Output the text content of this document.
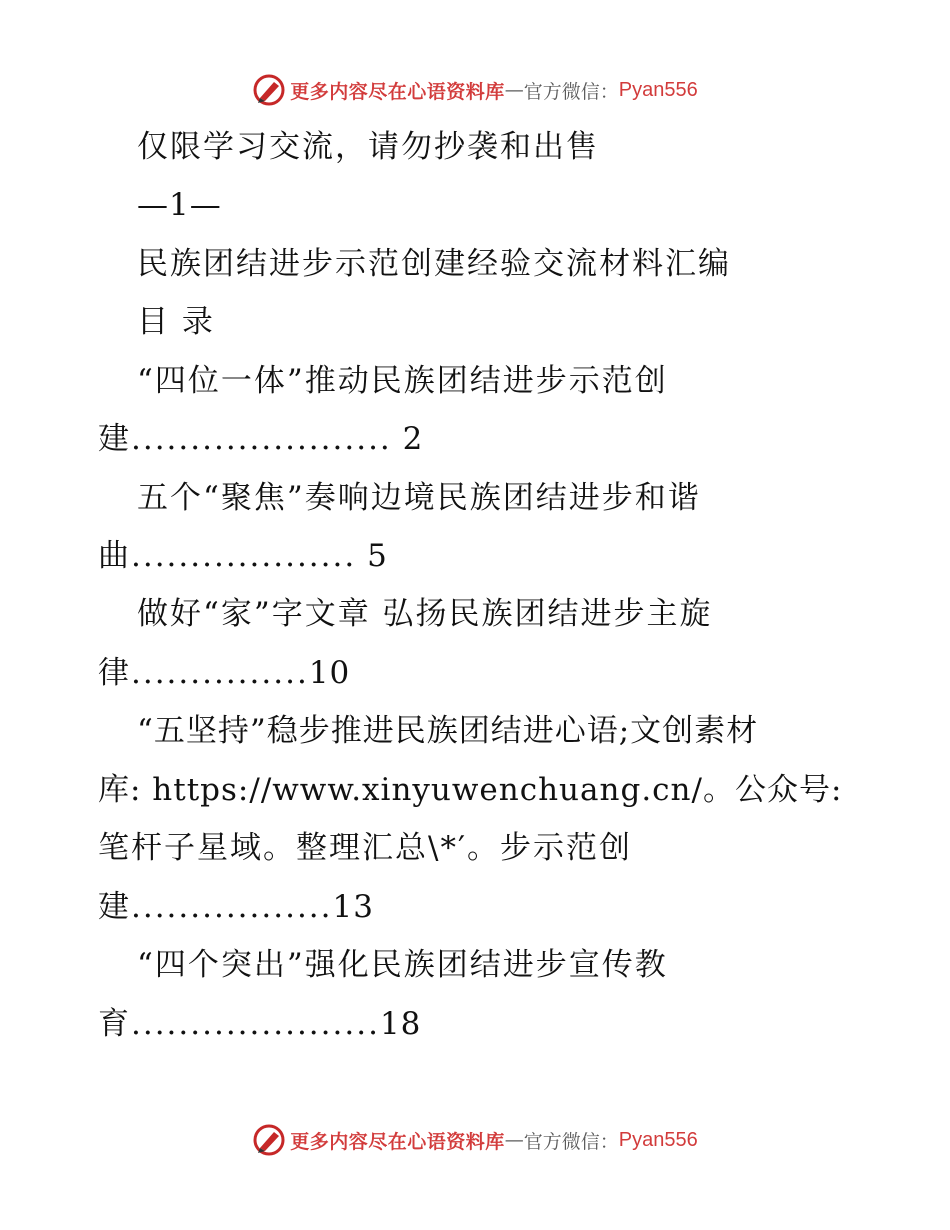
更多内容尽在心语资料库 — 官方微信： Pyan556
仅限学习交流，请勿抄袭和出售
—1—
民族团结进步示范创建经验交流材料汇编
目 录
“四位一体”推动民族团结进步示范创
建...................... 2
五个“聚焦”奏响边境民族团结进步和谐
曲................... 5
做好“家”字文章 弘扬民族团结进步主旋
律...............10
“五坚持”稳步推进民族团结进心语;文创素材
库: https://www.xinyuwenchuang.cn/。公众号:
笔杆子星域。整理汇总\*′。步示范创
建.................13
“四个突出”强化民族团结进步宣传教
育.....................18
更多内容尽在心语资料库 — 官方微信： Pyan556
